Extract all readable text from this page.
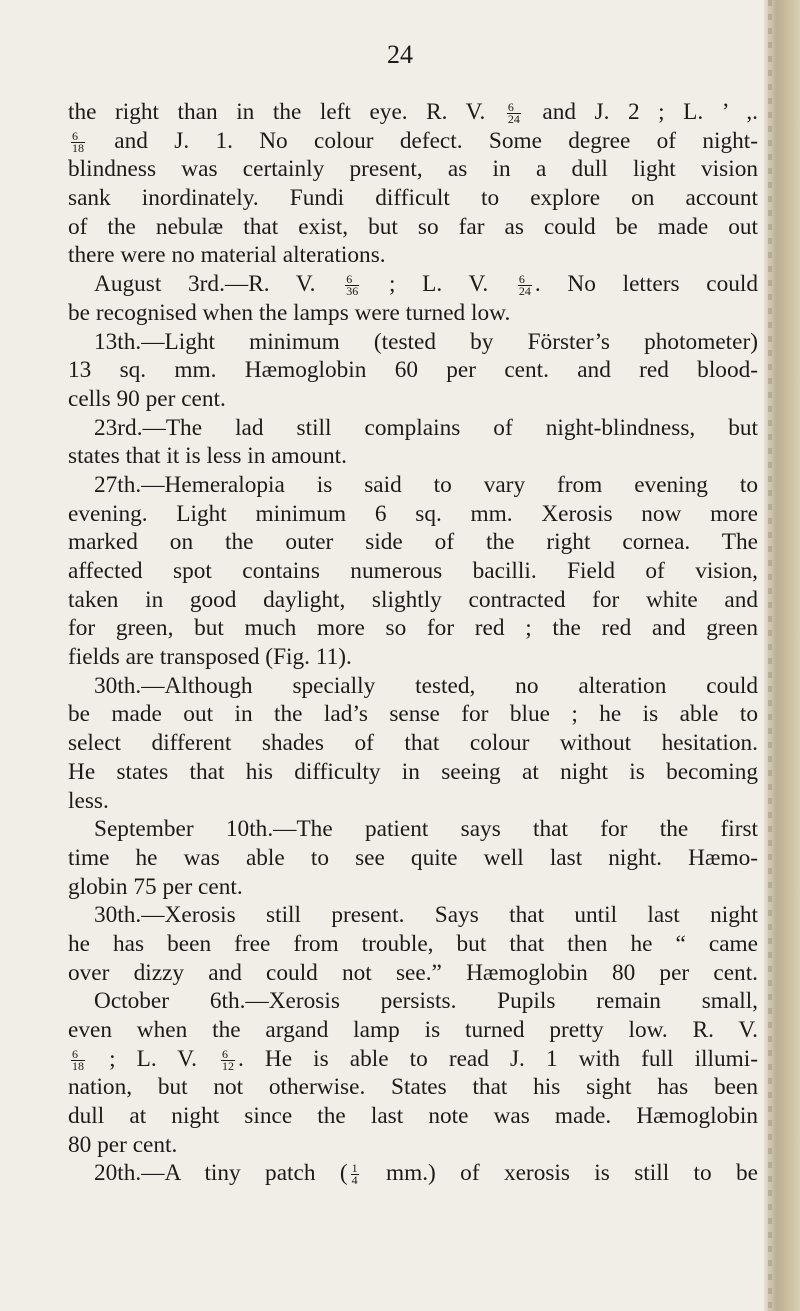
24
the right than in the left eye. R. V. $\frac{6}{24}$ and J. 2 ; L. ’ ,.
$\frac{6}{18}$ and J. 1. No colour defect. Some degree of night-
blindness was certainly present, as in a dull light vision
sank inordinately. Fundi difficult to explore on account
of the nebulæ that exist, but so far as could be made out
there were no material alterations.
August 3rd.—R. V. $\frac{6}{36}$ ; L. V. $\frac{6}{24}$ . No letters could
be recognised when the lamps were turned low.
13th.—Light minimum (tested by Förster’s photometer)
13 sq. mm. Hæmoglobin 60 per cent. and red blood-
cells 90 per cent.
23rd.—The lad still complains of night-blindness, but
states that it is less in amount.
27th.—Hemeralopia is said to vary from evening to
evening. Light minimum 6 sq. mm. Xerosis now more
marked on the outer side of the right cornea. The
affected spot contains numerous bacilli. Field of vision,
taken in good daylight, slightly contracted for white and
for green, but much more so for red ; the red and green
fields are transposed (Fig. 11).
30th.—Although specially tested, no alteration could
be made out in the lad’s sense for blue ; he is able to
select different shades of that colour without hesitation.
He states that his difficulty in seeing at night is becoming
less.
September 10th.—The patient says that for the first
time he was able to see quite well last night. Hæmo-
globin 75 per cent.
30th.—Xerosis still present. Says that until last night
he has been free from trouble, but that then he “ came
over dizzy and could not see.” Hæmoglobin 80 per cent.
October 6th.—Xerosis persists. Pupils remain small,
even when the argand lamp is turned pretty low. R. V.
$\frac{6}{18}$ ; L. V. $\frac{6}{12}$ . He is able to read J. 1 with full illumi-
nation, but not otherwise. States that his sight has been
dull at night since the last note was made. Hæmoglobin
80 per cent.
20th.—A tiny patch ( $\frac{1}{4} mm$.) of xerosis is still to be
